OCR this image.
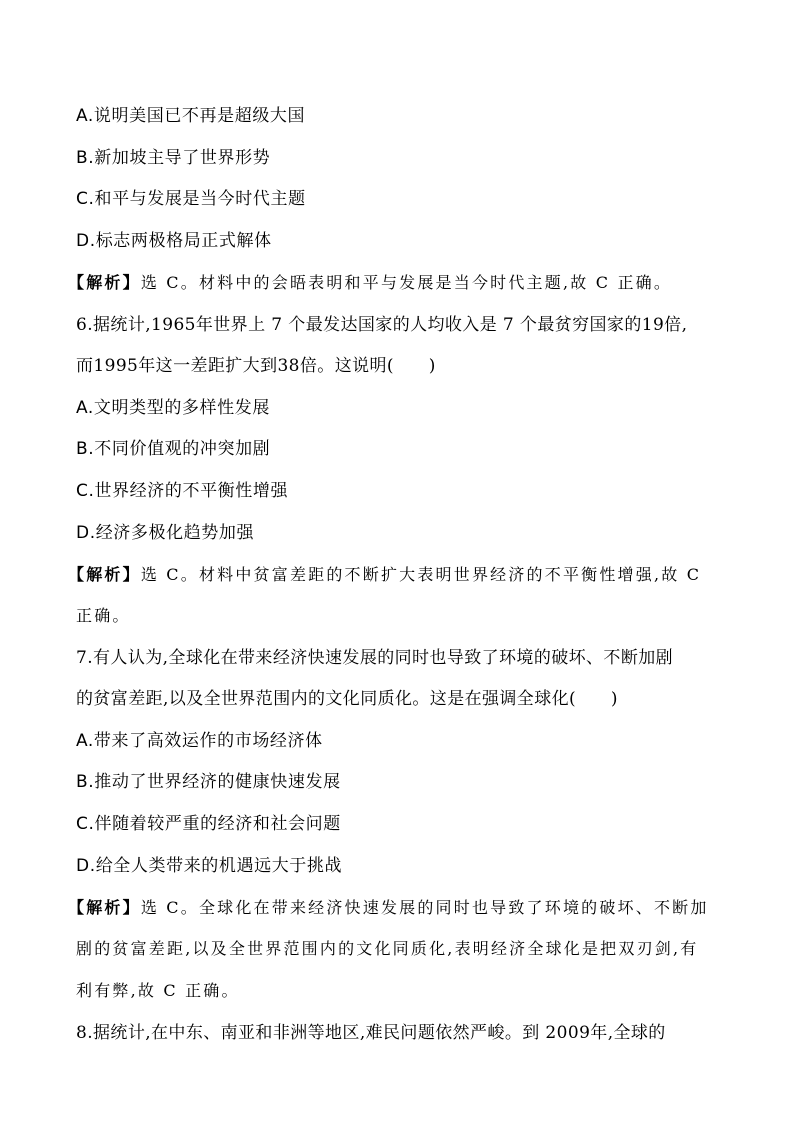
A.说明美国已不再是超级大国
B.新加坡主导了世界形势
C.和平与发展是当今时代主题
D.标志两极格局正式解体
【解析】选 C。材料中的会晤表明和平与发展是当今时代主题,故 C 正确。
6.据统计,1965年世界上 7 个最发达国家的人均收入是 7 个最贫穷国家的19倍,
而1995年这一差距扩大到38倍。这说明(　　)
A.文明类型的多样性发展
B.不同价值观的冲突加剧
C.世界经济的不平衡性增强
D.经济多极化趋势加强
【解析】选 C。材料中贫富差距的不断扩大表明世界经济的不平衡性增强,故 C
正确。
7.有人认为,全球化在带来经济快速发展的同时也导致了环境的破坏、不断加剧
的贫富差距,以及全世界范围内的文化同质化。这是在强调全球化(　　)
A.带来了高效运作的市场经济体
B.推动了世界经济的健康快速发展
C.伴随着较严重的经济和社会问题
D.给全人类带来的机遇远大于挑战
【解析】选 C。全球化在带来经济快速发展的同时也导致了环境的破坏、不断加
剧的贫富差距,以及全世界范围内的文化同质化,表明经济全球化是把双刃剑,有
利有弊,故 C 正确。
8.据统计,在中东、南亚和非洲等地区,难民问题依然严峻。到 2009年,全球的
